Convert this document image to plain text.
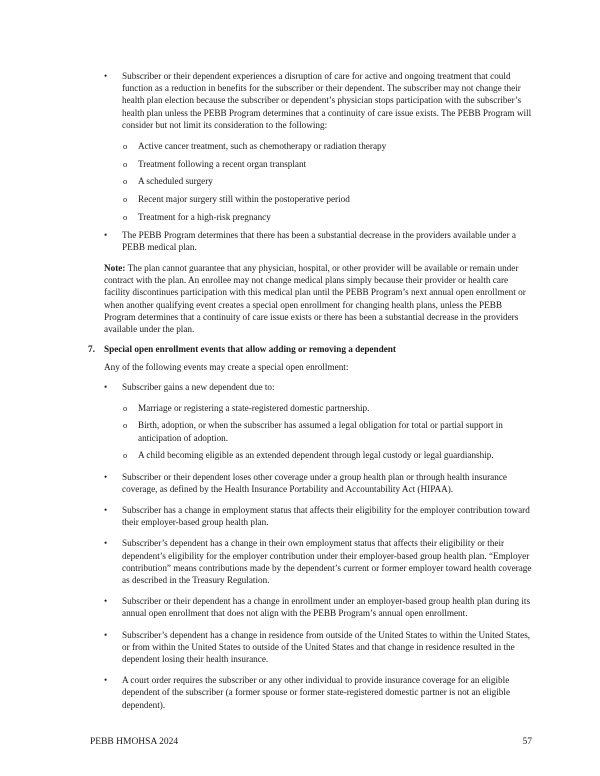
• Subscriber or their dependent experiences a disruption of care for active and ongoing treatment that could function as a reduction in benefits for the subscriber or their dependent. The subscriber may not change their health plan election because the subscriber or dependent’s physician stops participation with the subscriber’s health plan unless the PEBB Program determines that a continuity of care issue exists. The PEBB Program will consider but not limit its consideration to the following:
o Active cancer treatment, such as chemotherapy or radiation therapy
o Treatment following a recent organ transplant
o A scheduled surgery
o Recent major surgery still within the postoperative period
o Treatment for a high-risk pregnancy
• The PEBB Program determines that there has been a substantial decrease in the providers available under a PEBB medical plan.
Note: The plan cannot guarantee that any physician, hospital, or other provider will be available or remain under contract with the plan. An enrollee may not change medical plans simply because their provider or health care facility discontinues participation with this medical plan until the PEBB Program’s next annual open enrollment or when another qualifying event creates a special open enrollment for changing health plans, unless the PEBB Program determines that a continuity of care issue exists or there has been a substantial decrease in the providers available under the plan.
7. Special open enrollment events that allow adding or removing a dependent
Any of the following events may create a special open enrollment:
• Subscriber gains a new dependent due to:
o Marriage or registering a state-registered domestic partnership.
o Birth, adoption, or when the subscriber has assumed a legal obligation for total or partial support in anticipation of adoption.
o A child becoming eligible as an extended dependent through legal custody or legal guardianship.
• Subscriber or their dependent loses other coverage under a group health plan or through health insurance coverage, as defined by the Health Insurance Portability and Accountability Act (HIPAA).
• Subscriber has a change in employment status that affects their eligibility for the employer contribution toward their employer-based group health plan.
• Subscriber’s dependent has a change in their own employment status that affects their eligibility or their dependent’s eligibility for the employer contribution under their employer-based group health plan. “Employer contribution” means contributions made by the dependent’s current or former employer toward health coverage as described in the Treasury Regulation.
• Subscriber or their dependent has a change in enrollment under an employer-based group health plan during its annual open enrollment that does not align with the PEBB Program’s annual open enrollment.
• Subscriber’s dependent has a change in residence from outside of the United States to within the United States, or from within the United States to outside of the United States and that change in residence resulted in the dependent losing their health insurance.
• A court order requires the subscriber or any other individual to provide insurance coverage for an eligible dependent of the subscriber (a former spouse or former state-registered domestic partner is not an eligible dependent).
PEBB HMOHSA 2024	57
